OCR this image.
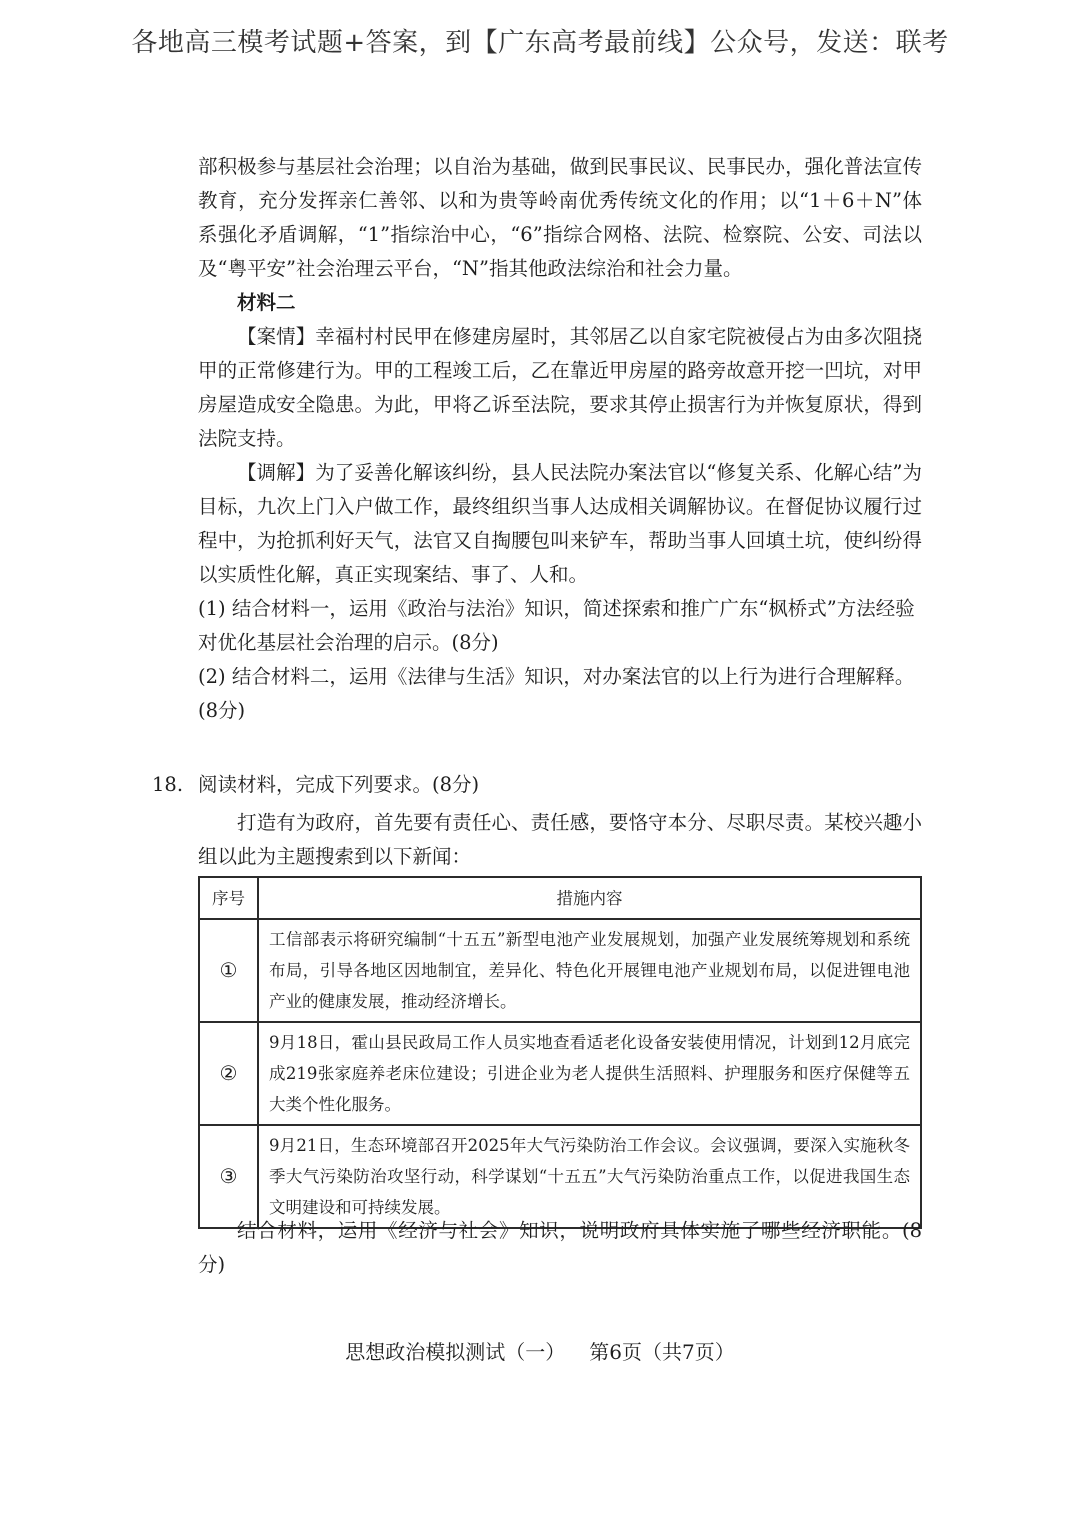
各地高三模考试题+答案，到【广东高考最前线】公众号，发送：联考

部积极参与基层社会治理；以自治为基础，做到民事民议、民事民办，强化普法宣传教育，充分发挥亲仁善邻、以和为贵等岭南优秀传统文化的作用；以“1＋6＋N”体系强化矛盾调解，“1”指综治中心，“6”指综合网格、法院、检察院、公安、司法以及“粤平安”社会治理云平台，“N”指其他政法综治和社会力量。

材料二

【案情】幸福村村民甲在修建房屋时，其邻居乙以自家宅院被侵占为由多次阻挠甲的正常修建行为。甲的工程竣工后，乙在靠近甲房屋的路旁故意开挖一凹坑，对甲房屋造成安全隐患。为此，甲将乙诉至法院，要求其停止损害行为并恢复原状，得到法院支持。

【调解】为了妥善化解该纠纷，县人民法院办案法官以“修复关系、化解心结”为目标，九次上门入户做工作，最终组织当事人达成相关调解协议。在督促协议履行过程中，为抢抓利好天气，法官又自掏腰包叫来铲车，帮助当事人回填土坑，使纠纷得以实质性化解，真正实现案结、事了、人和。

(1) 结合材料一，运用《政治与法治》知识，简述探索和推广广东“枫桥式”方法经验对优化基层社会治理的启示。(8分)

(2) 结合材料二，运用《法律与生活》知识，对办案法官的以上行为进行合理解释。(8分)

18. 阅读材料，完成下列要求。(8分)

打造有为政府，首先要有责任心、责任感，要恪守本分、尽职尽责。某校兴趣小组以此为主题搜索到以下新闻：

序号	措施内容
①	工信部表示将研究编制“十五五”新型电池产业发展规划，加强产业发展统筹规划和系统布局，引导各地区因地制宜，差异化、特色化开展锂电池产业规划布局，以促进锂电池产业的健康发展，推动经济增长。
②	9月18日，霍山县民政局工作人员实地查看适老化设备安装使用情况，计划到12月底完成219张家庭养老床位建设；引进企业为老人提供生活照料、护理服务和医疗保健等五大类个性化服务。
③	9月21日，生态环境部召开2025年大气污染防治工作会议。会议强调，要深入实施秋冬季大气污染防治攻坚行动，科学谋划“十五五”大气污染防治重点工作，以促进我国生态文明建设和可持续发展。

结合材料，运用《经济与社会》知识，说明政府具体实施了哪些经济职能。(8分)

思想政治模拟测试（一） 第6页（共7页）
